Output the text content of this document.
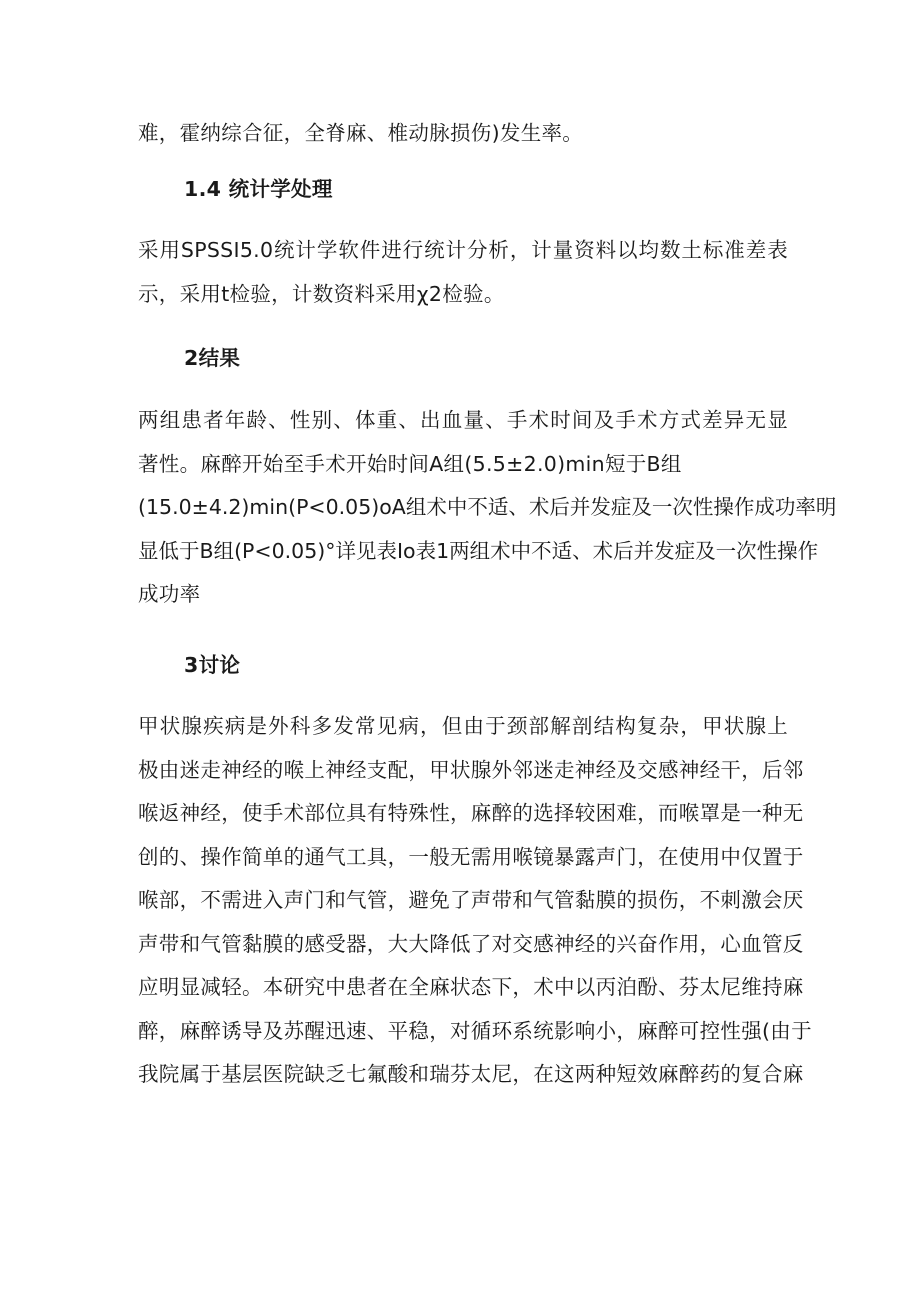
难，霍纳综合征，全脊麻、椎动脉损伤)发生率。

1.4 统计学处理

采用SPSSI5.0统计学软件进行统计分析，计量资料以均数土标准差表
示，采用t检验，计数资料采用χ2检验。

2结果

两组患者年龄、性别、体重、出血量、手术时间及手术方式差异无显
著性。麻醉开始至手术开始时间A组(5.5±2.0)min短于B组
(15.0±4.2)min(P<0.05)oA组术中不适、术后并发症及一次性操作成功率明
显低于B组(P<0.05)°详见表Io表1两组术中不适、术后并发症及一次性操作
成功率

3讨论

甲状腺疾病是外科多发常见病，但由于颈部解剖结构复杂，甲状腺上
极由迷走神经的喉上神经支配，甲状腺外邻迷走神经及交感神经干，后邻
喉返神经，使手术部位具有特殊性，麻醉的选择较困难，而喉罩是一种无
创的、操作简单的通气工具，一般无需用喉镜暴露声门，在使用中仅置于
喉部，不需进入声门和气管，避免了声带和气管黏膜的损伤，不刺激会厌
声带和气管黏膜的感受器，大大降低了对交感神经的兴奋作用，心血管反
应明显减轻。本研究中患者在全麻状态下，术中以丙泊酚、芬太尼维持麻
醉，麻醉诱导及苏醒迅速、平稳，对循环系统影响小，麻醉可控性强(由于
我院属于基层医院缺乏七氟酸和瑞芬太尼，在这两种短效麻醉药的复合麻
